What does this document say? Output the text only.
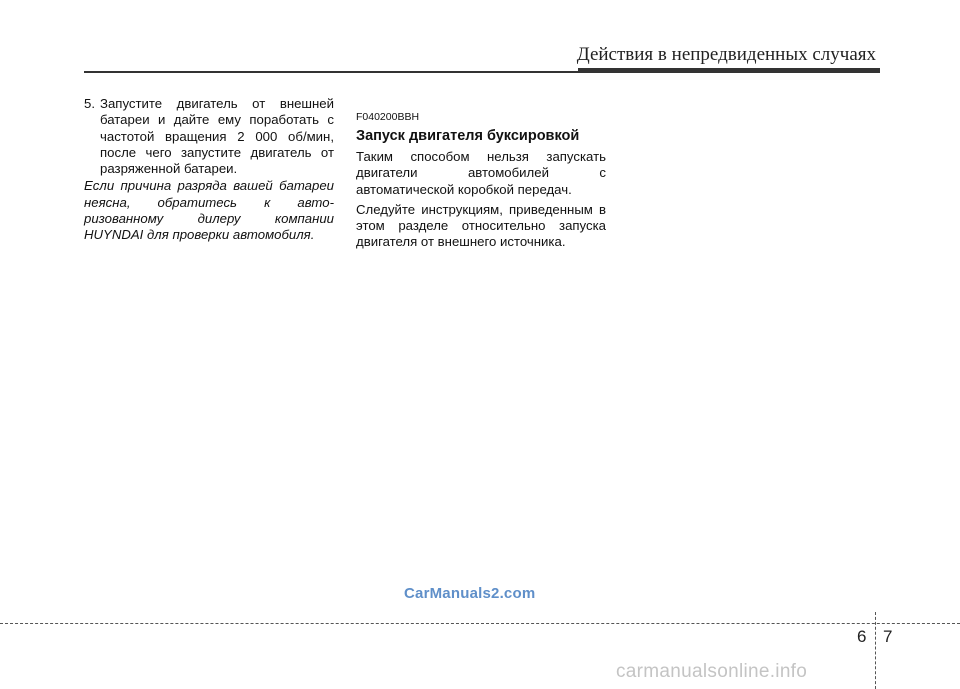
Действия в непредвиденных случаях
5. Запустите двигатель от внешней батареи и дайте ему поработать с частотой вращения 2 000 об/мин, после чего запустите двигатель от разряженной батареи.
Если причина разряда вашей батареи неясна, обратитесь к авто-ризованному дилеру компании HUYNDAI для проверки автомобиля.
F040200BBH
Запуск двигателя буксировкой

Таким способом нельзя запускать двигатели автомобилей с автоматической коробкой передач.

Следуйте инструкциям, приведенным в этом разделе относительно запуска двигателя от внешнего источника.

CarManuals2.com
6 7
carmanualsonline.info
